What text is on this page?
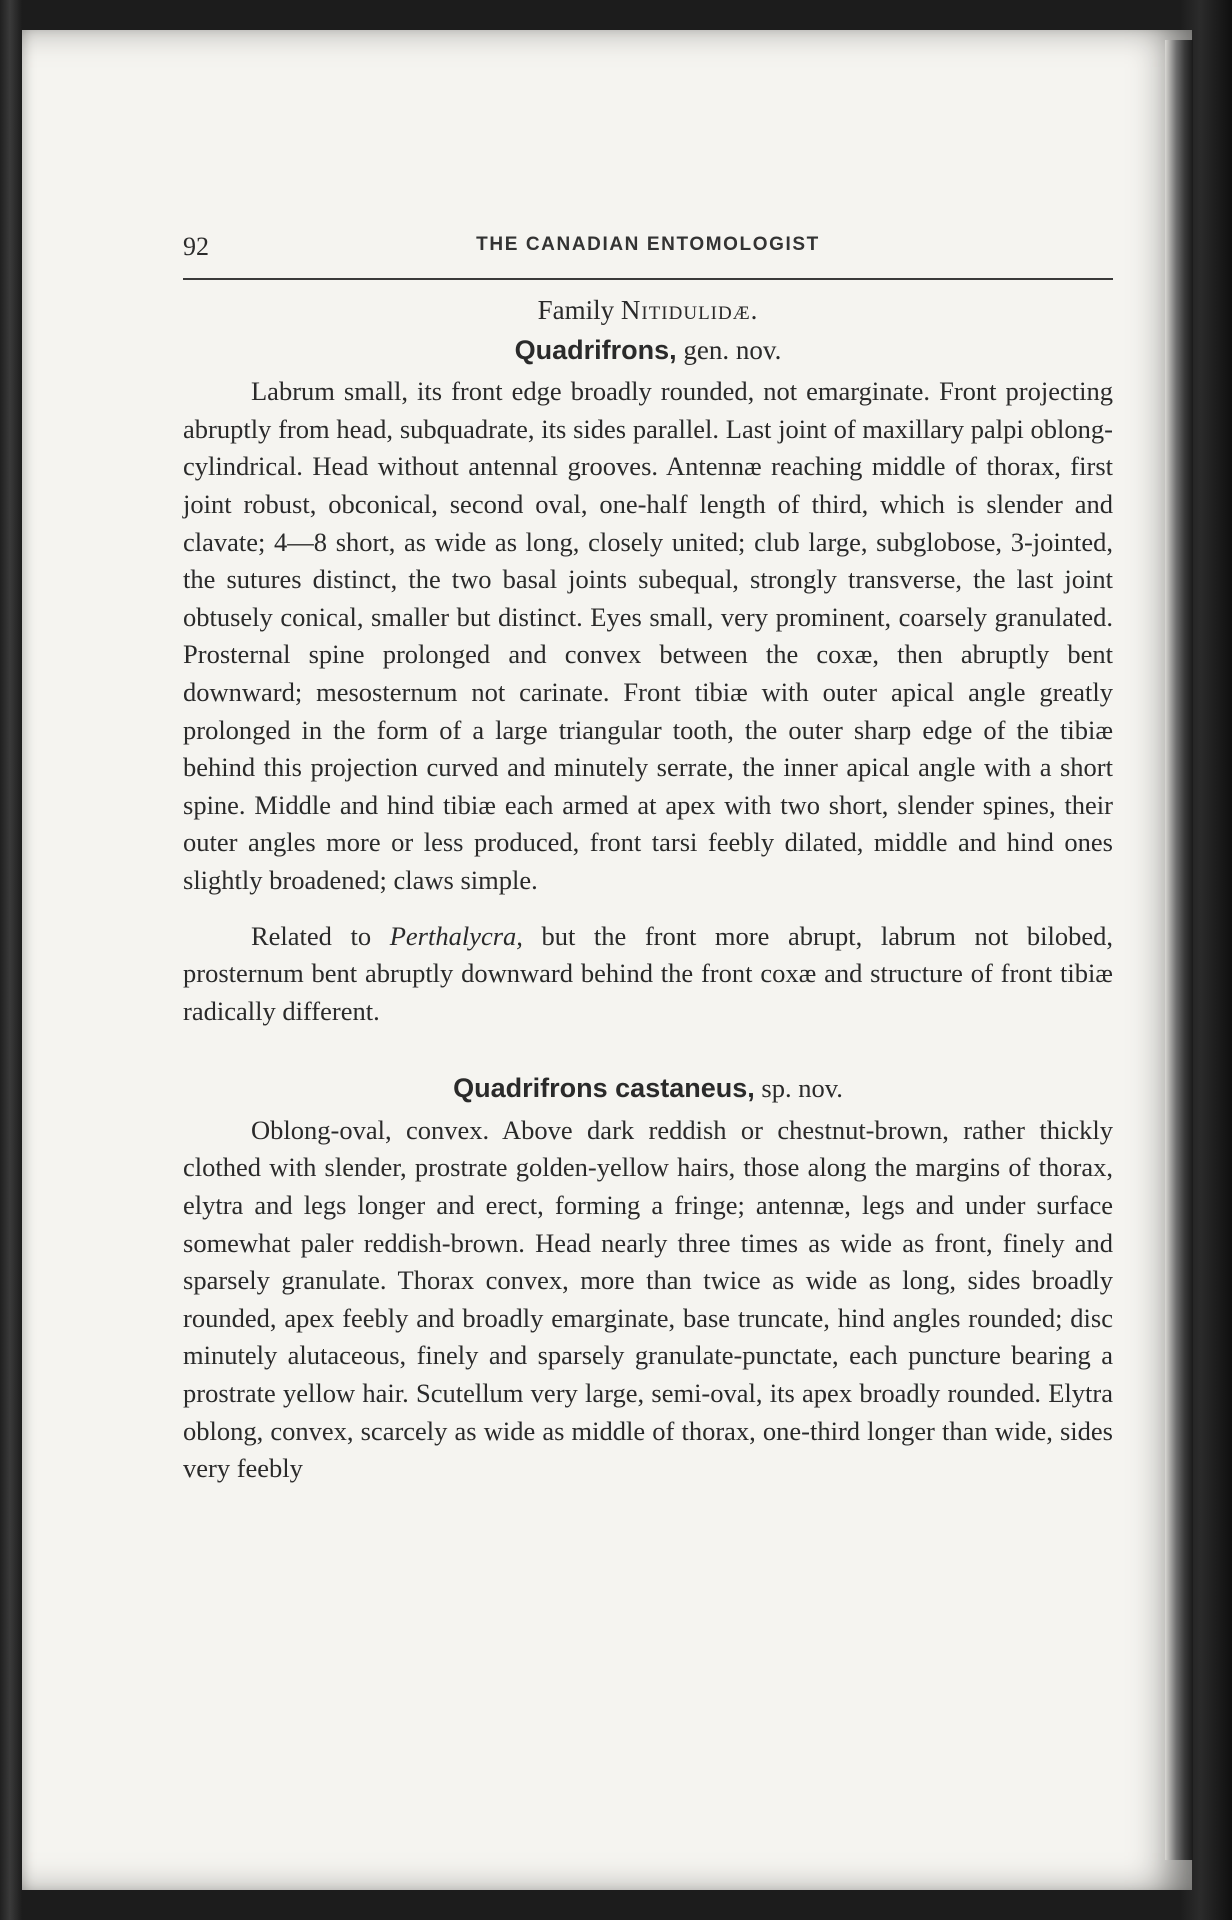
92	THE CANADIAN ENTOMOLOGIST
Family Nitidulidæ.
Quadrifrons, gen. nov.

Labrum small, its front edge broadly rounded, not emarginate. Front projecting abruptly from head, subquadrate, its sides parallel. Last joint of maxillary palpi oblong-cylindrical. Head without antennal grooves. Antennæ reaching middle of thorax, first joint robust, obconical, second oval, one-half length of third, which is slender and clavate; 4—8 short, as wide as long, closely united; club large, subglobose, 3-jointed, the sutures distinct, the two basal joints subequal, strongly transverse, the last joint obtusely conical, smaller but distinct. Eyes small, very prominent, coarsely granulated. Prosternal spine prolonged and convex between the coxæ, then abruptly bent downward; mesosternum not carinate. Front tibiæ with outer apical angle greatly prolonged in the form of a large triangular tooth, the outer sharp edge of the tibiæ behind this projection curved and minutely serrate, the inner apical angle with a short spine. Middle and hind tibiæ each armed at apex with two short, slender spines, their outer angles more or less produced, front tarsi feebly dilated, middle and hind ones slightly broadened; claws simple.

Related to Perthalycra, but the front more abrupt, labrum not bilobed, prosternum bent abruptly downward behind the front coxæ and structure of front tibiæ radically different.

Quadrifrons castaneus, sp. nov.

Oblong-oval, convex. Above dark reddish or chestnut-brown, rather thickly clothed with slender, prostrate golden-yellow hairs, those along the margins of thorax, elytra and legs longer and erect, forming a fringe; antennæ, legs and under surface somewhat paler reddish-brown. Head nearly three times as wide as front, finely and sparsely granulate. Thorax convex, more than twice as wide as long, sides broadly rounded, apex feebly and broadly emarginate, base truncate, hind angles rounded; disc minutely alutaceous, finely and sparsely granulate-punctate, each puncture bearing a prostrate yellow hair. Scutellum very large, semi-oval, its apex broadly rounded. Elytra oblong, convex, scarcely as wide as middle of thorax, one-third longer than wide, sides very feebly
